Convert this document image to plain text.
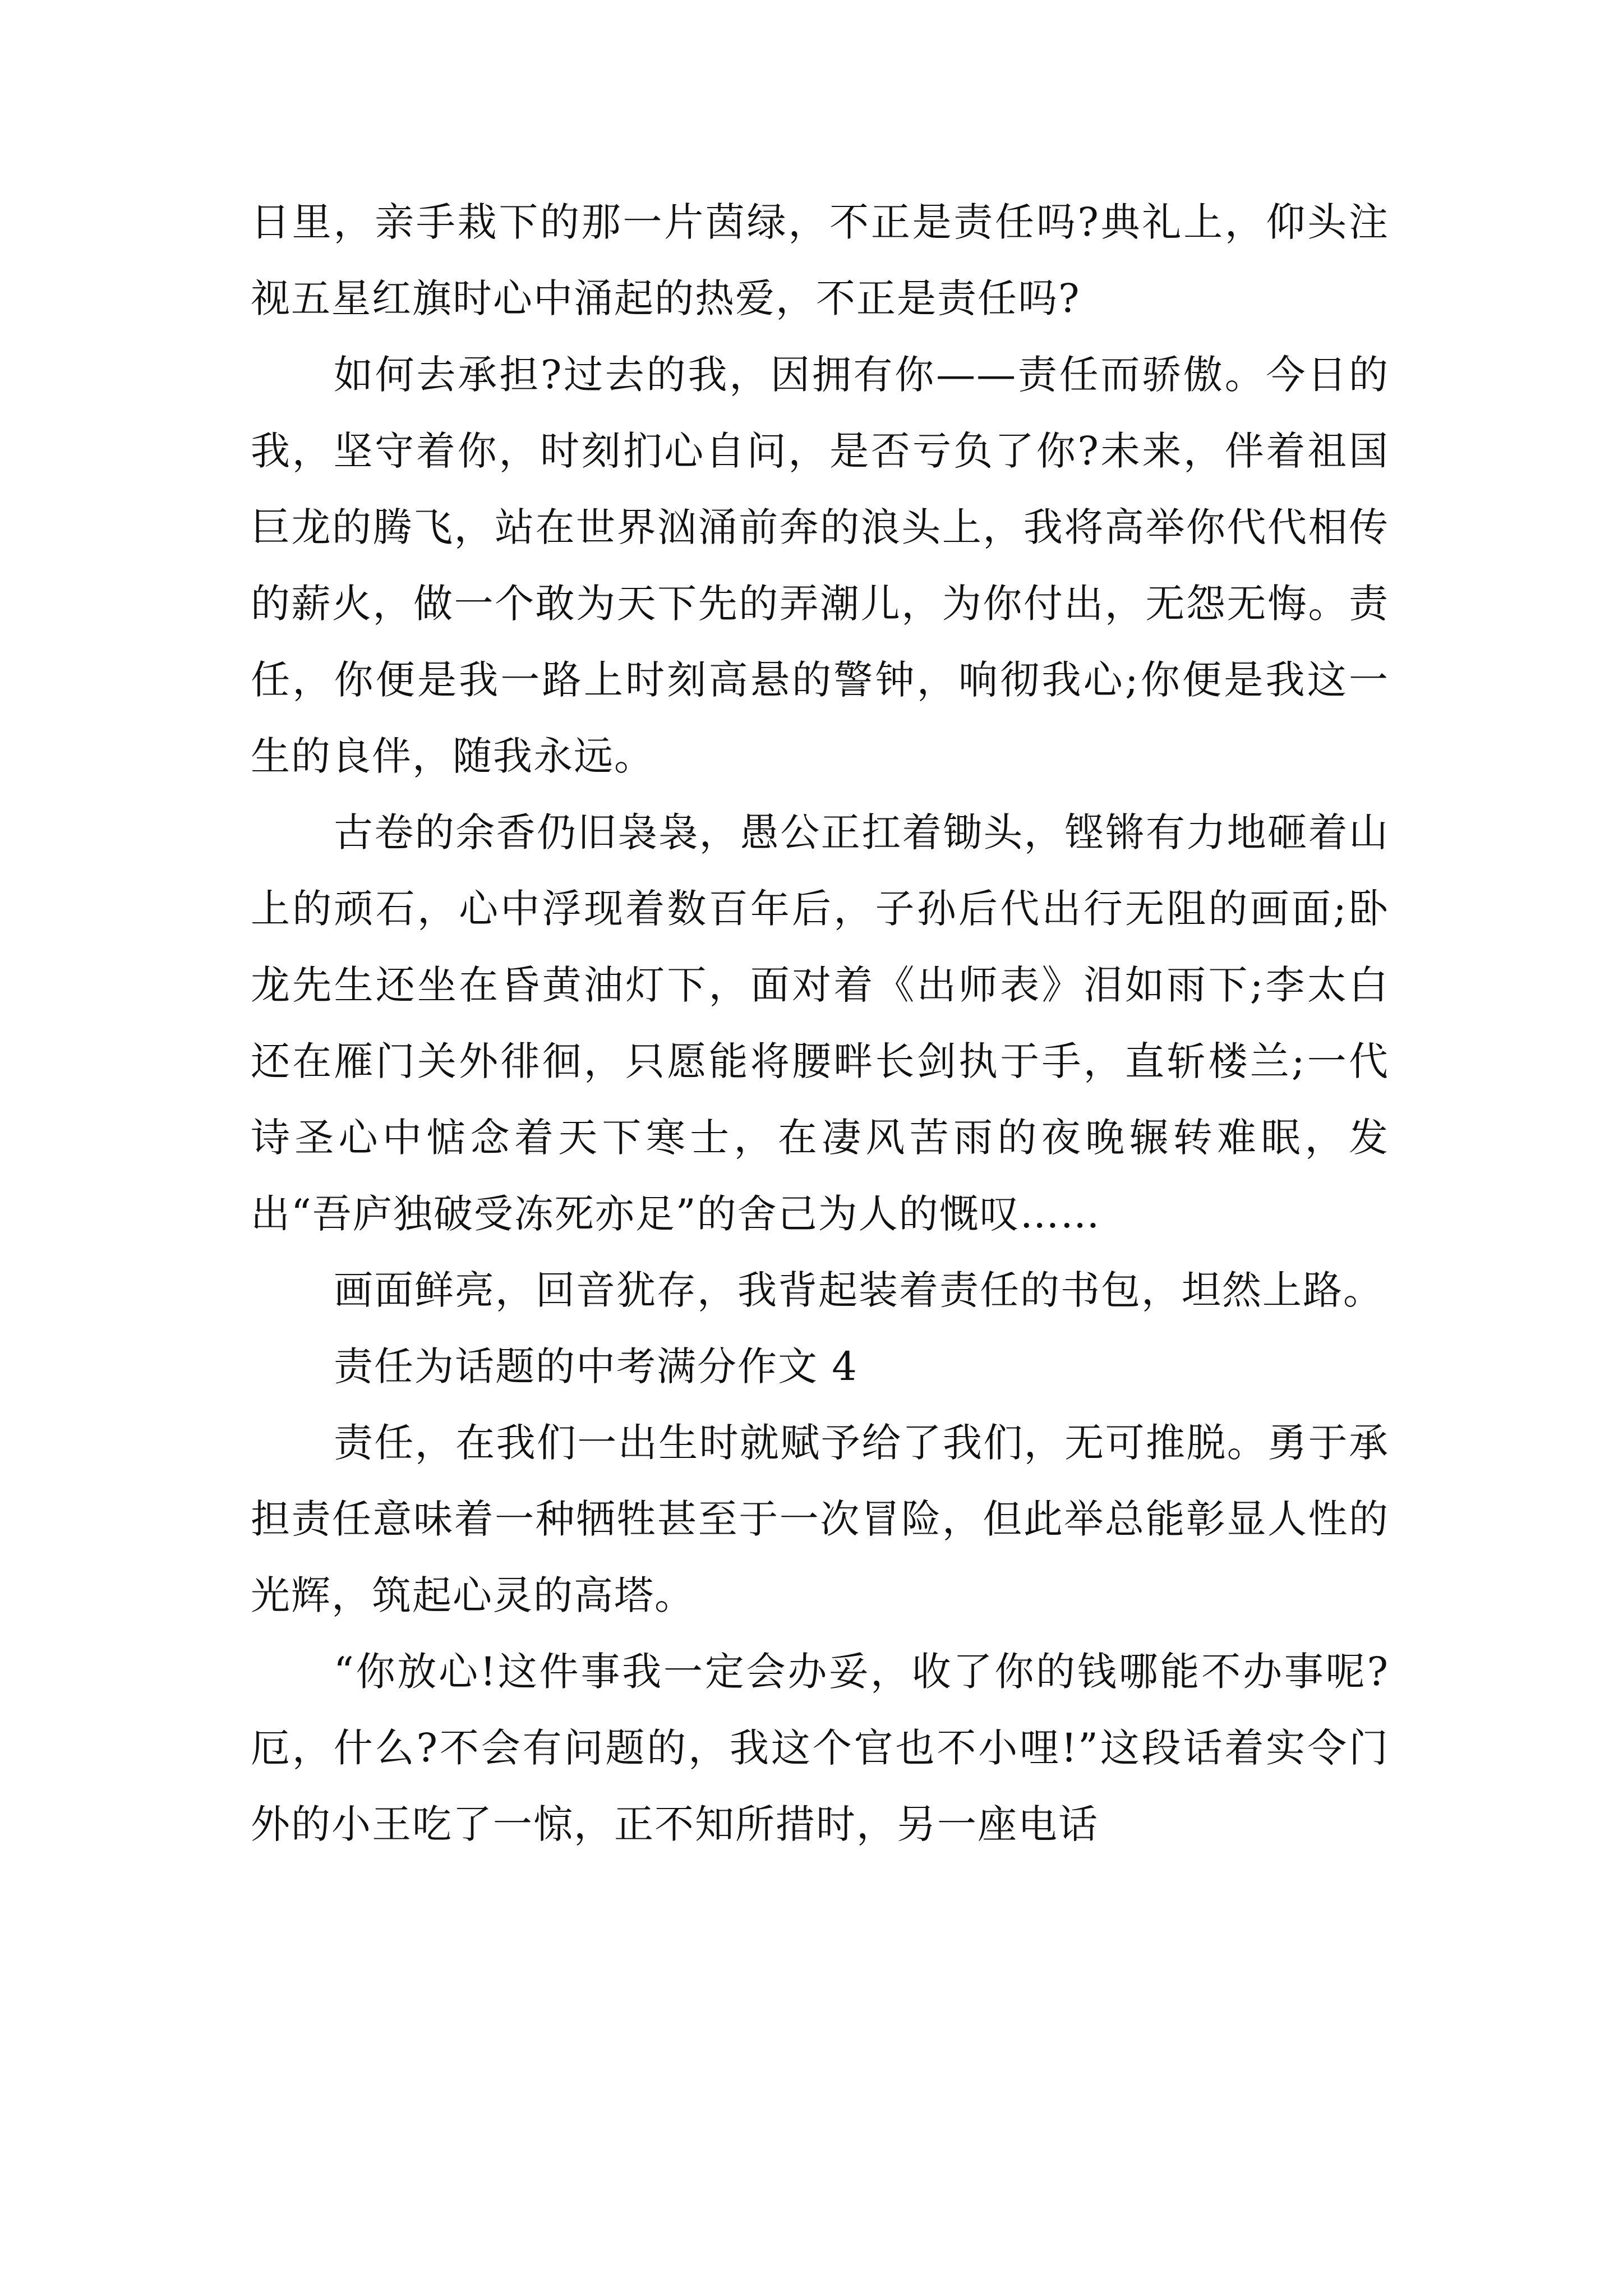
日里，亲手栽下的那一片茵绿，不正是责任吗?典礼上，仰头注视五星红旗时心中涌起的热爱，不正是责任吗?

如何去承担?过去的我，因拥有你——责任而骄傲。今日的我，坚守着你，时刻扪心自问，是否亏负了你?未来，伴着祖国巨龙的腾飞，站在世界汹涌前奔的浪头上，我将高举你代代相传的薪火，做一个敢为天下先的弄潮儿，为你付出，无怨无悔。责任，你便是我一路上时刻高悬的警钟，响彻我心;你便是我这一生的良伴，随我永远。

古卷的余香仍旧袅袅，愚公正扛着锄头，铿锵有力地砸着山上的顽石，心中浮现着数百年后，子孙后代出行无阻的画面;卧龙先生还坐在昏黄油灯下，面对着《出师表》泪如雨下;李太白还在雁门关外徘徊，只愿能将腰畔长剑执于手，直斩楼兰;一代诗圣心中惦念着天下寒士，在凄风苦雨的夜晚辗转难眠，发出“吾庐独破受冻死亦足”的舍己为人的慨叹……

画面鲜亮，回音犹存，我背起装着责任的书包，坦然上路。

责任为话题的中考满分作文 4

责任，在我们一出生时就赋予给了我们，无可推脱。勇于承担责任意味着一种牺牲甚至于一次冒险，但此举总能彰显人性的光辉，筑起心灵的高塔。

“你放心!这件事我一定会办妥，收了你的钱哪能不办事呢?厄，什么?不会有问题的，我这个官也不小哩!”这段话着实令门外的小王吃了一惊，正不知所措时，另一座电话
